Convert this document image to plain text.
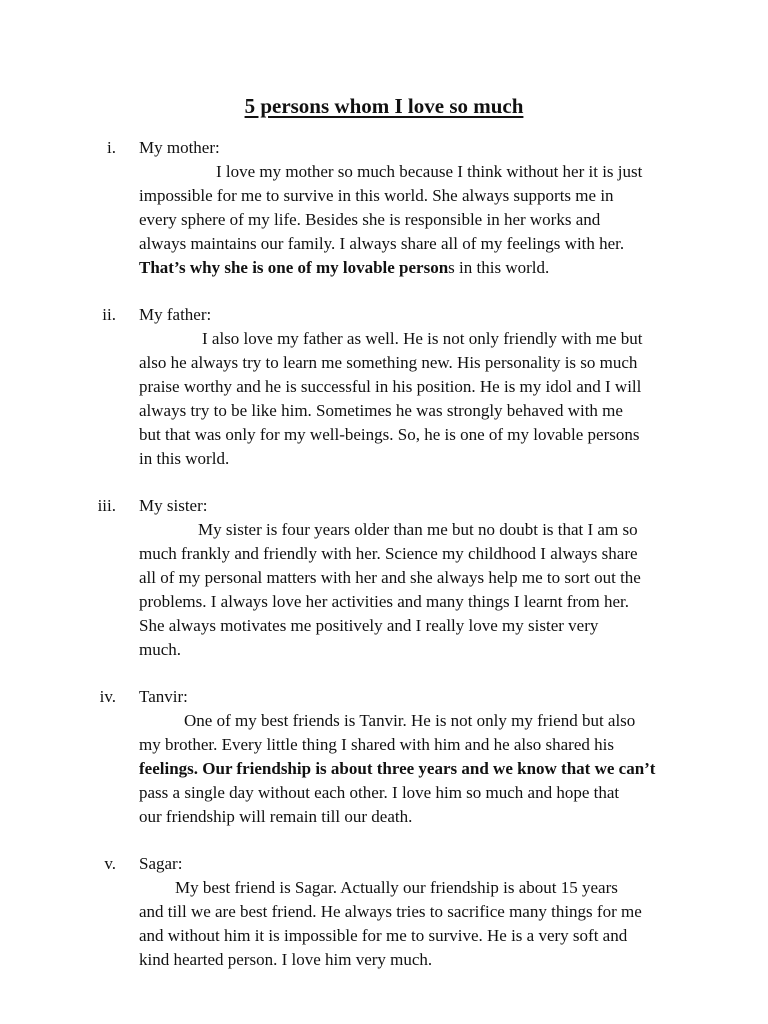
5 persons whom I love so much
i. My mother:
I love my mother so much because I think without her it is just
impossible for me to survive in this world. She always supports me in
every sphere of my life. Besides she is responsible in her works and
always maintains our family. I always share all of my feelings with her.
That’s why she is one of my lovable persons in this world.
ii. My father:
I also love my father as well. He is not only friendly with me but
also he always try to learn me something new. His personality is so much
praise worthy and he is successful in his position. He is my idol and I will
always try to be like him. Sometimes he was strongly behaved with me
but that was only for my well-beings. So, he is one of my lovable persons
in this world.
iii. My sister:
My sister is four years older than me but no doubt is that I am so
much frankly and friendly with her. Science my childhood I always share
all of my personal matters with her and she always help me to sort out the
problems. I always love her activities and many things I learnt from her.
She always motivates me positively and I really love my sister very
much.
iv. Tanvir:
One of my best friends is Tanvir. He is not only my friend but also
my brother. Every little thing I shared with him and he also shared his
feelings. Our friendship is about three years and we know that we can’t
pass a single day without each other. I love him so much and hope that
our friendship will remain till our death.
v. Sagar:
My best friend is Sagar. Actually our friendship is about 15 years
and till we are best friend. He always tries to sacrifice many things for me
and without him it is impossible for me to survive. He is a very soft and
kind hearted person. I love him very much.
